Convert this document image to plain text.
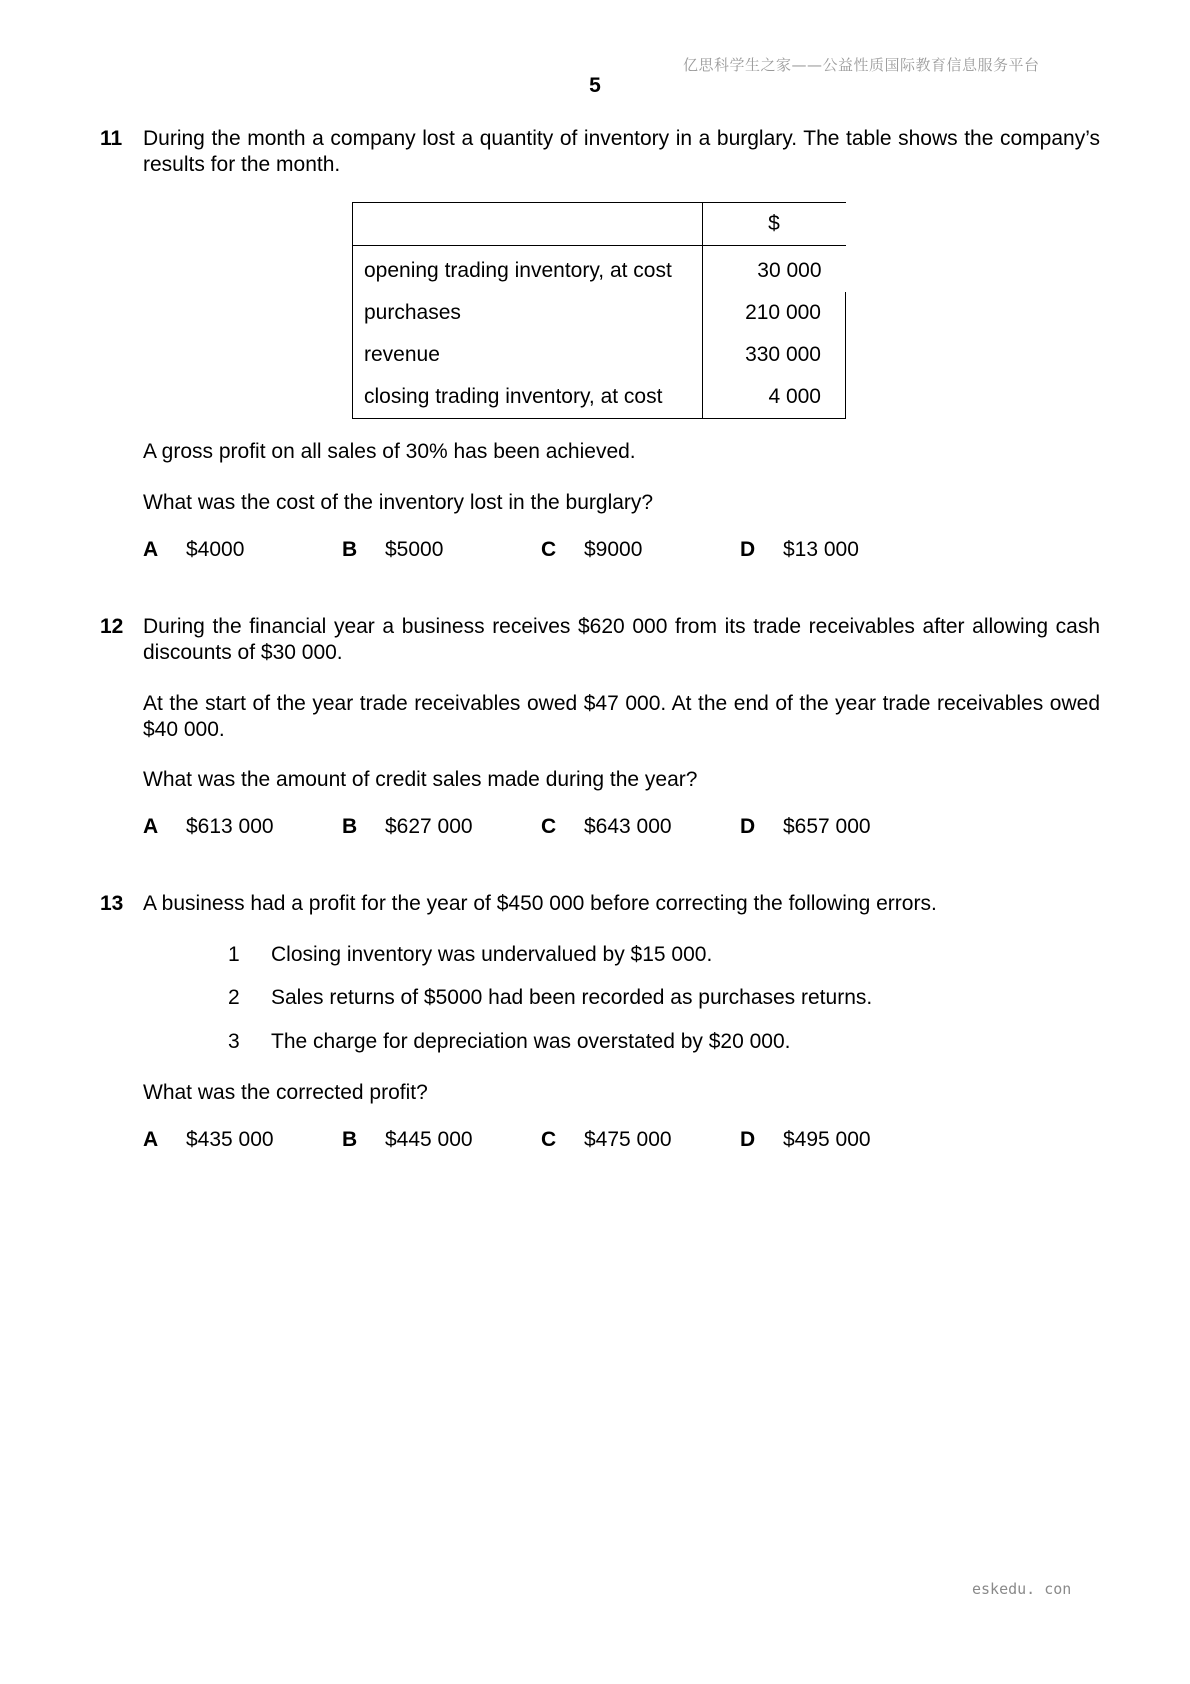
亿思科学生之家——公益性质国际教育信息服务平台
5
11 During the month a company lost a quantity of inventory in a burglary. The table shows the company’s results for the month.

	$
opening trading inventory, at cost	30 000
purchases	210 000
revenue	330 000
closing trading inventory, at cost	4 000

A gross profit on all sales of 30% has been achieved.

What was the cost of the inventory lost in the burglary?

A $4000	B $5000	C $9000	D $13 000
12 During the financial year a business receives $620 000 from its trade receivables after allowing cash discounts of $30 000.

At the start of the year trade receivables owed $47 000. At the end of the year trade receivables owed $40 000.

What was the amount of credit sales made during the year?

A $613 000	B $627 000	C $643 000	D $657 000
13 A business had a profit for the year of $450 000 before correcting the following errors.

1 Closing inventory was undervalued by $15 000.
2 Sales returns of $5000 had been recorded as purchases returns.
3 The charge for depreciation was overstated by $20 000.

What was the corrected profit?

A $435 000	B $445 000	C $475 000	D $495 000
eskedu. con
